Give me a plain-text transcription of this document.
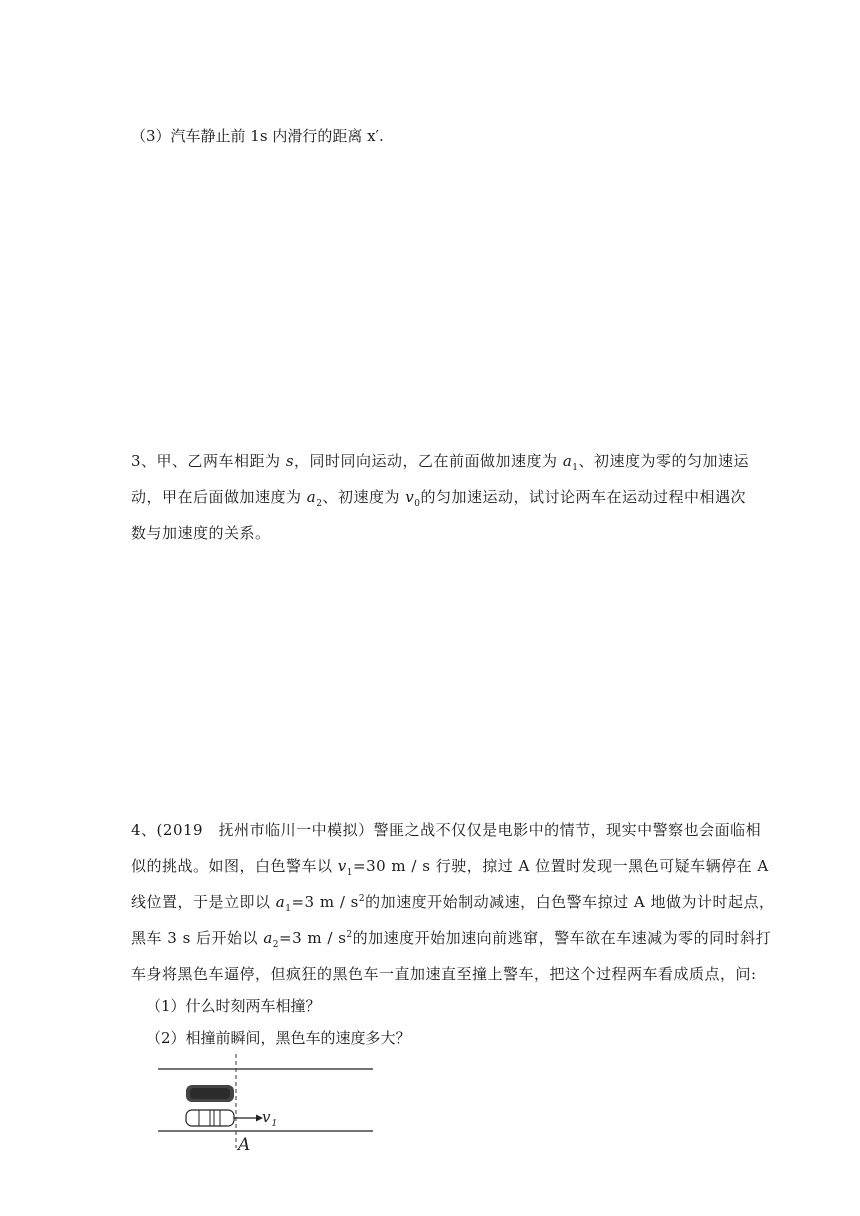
（3）汽车静止前 1s 内滑行的距离 x′.

3、甲、乙两车相距为 s，同时同向运动，乙在前面做加速度为 $a_1$、初速度为零的匀加速运

动，甲在后面做加速度为 $a_2$、初速度为 $v_0$的匀加速运动，试讨论两车在运动过程中相遇次

数与加速度的关系。

4、(2019　抚州市临川一中模拟）警匪之战不仅仅是电影中的情节，现实中警察也会面临相

似的挑战。如图，白色警车以 $v_1=30$ m / s 行驶，掠过 A 位置时发现一黑色可疑车辆停在 A

线位置，于是立即以 $a_1=3$ m / $s^2$的加速度开始制动减速，白色警车掠过 A 地做为计时起点，

黑车 3 s 后开始以 $a_2=3$ m / $s^2$的加速度开始加速向前逃窜，警车欲在车速减为零的同时斜打

车身将黑色车逼停，但疯狂的黑色车一直加速直至撞上警车，把这个过程两车看成质点，问:

（1）什么时刻两车相撞？
（2）相撞前瞬间，黑色车的速度多大？
$v_1$
A
